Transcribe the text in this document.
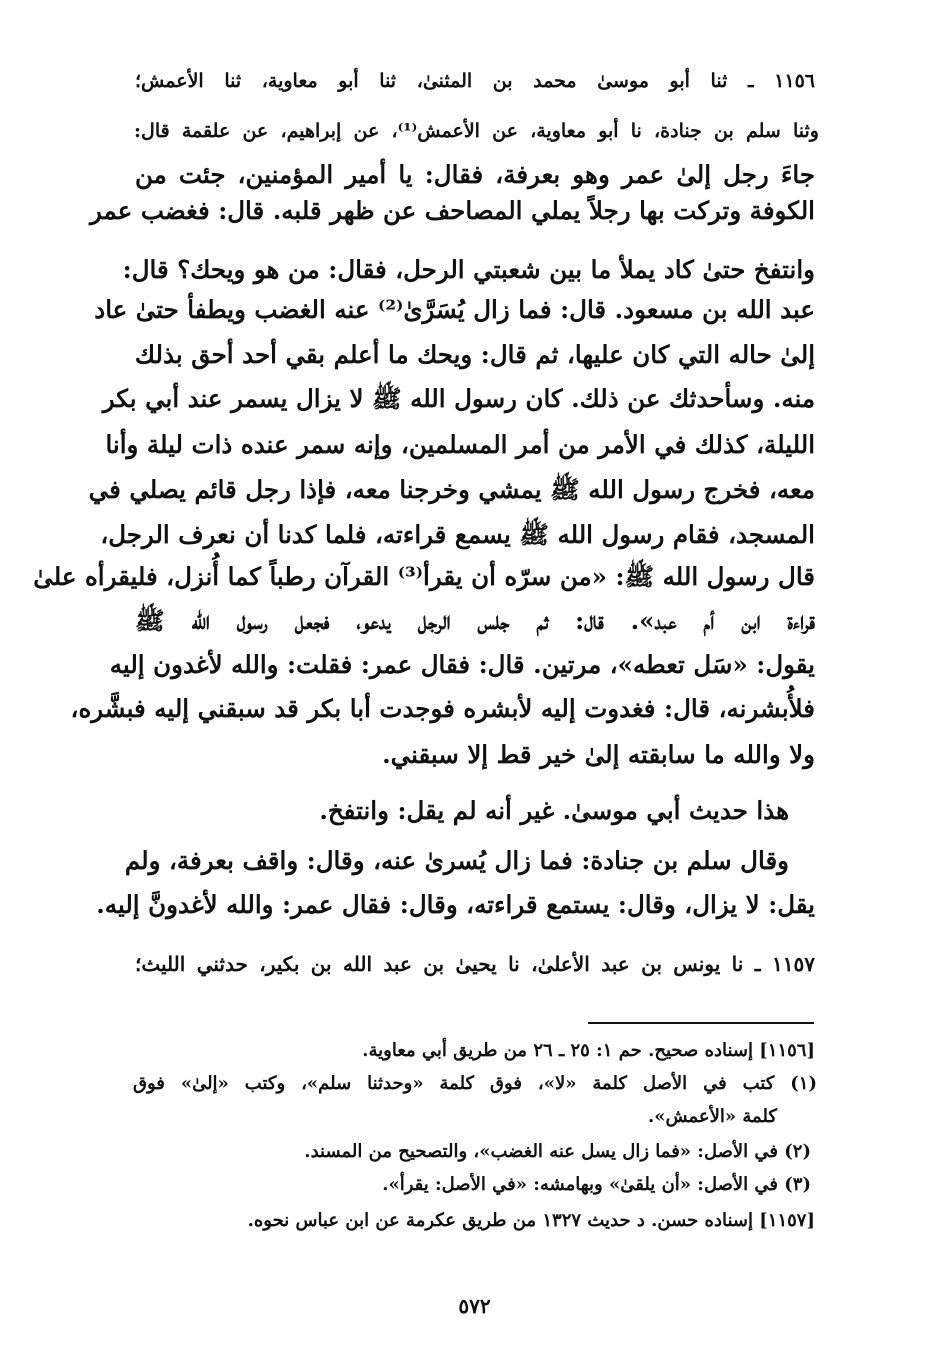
١١٥٦ ـ ثنا أبو موسىٰ محمد بن المثنىٰ، ثنا أبو معاوية، ثنا الأعمش؛
وثنا سلم بن جنادة، نا أبو معاوية، عن الأعمش⁽¹⁾، عن إبراهيم، عن علقمة قال:
جاءَ رجل إلىٰ عمر وهو بعرفة، فقال: يا أمير المؤمنين، جئت من
الكوفة وتركت بها رجلاً يملي المصاحف عن ظهر قلبه. قال: فغضب عمر
وانتفخ حتىٰ كاد يملأ ما بين شعبتي الرحل، فقال: من هو ويحك؟ قال:
عبد الله بن مسعود. قال: فما زال يُسَرَّىٰ⁽²⁾ عنه الغضب ويطفأ حتىٰ عاد
إلىٰ حاله التي كان عليها، ثم قال: ويحك ما أعلم بقي أحد أحق بذلك
منه. وسأحدثك عن ذلك. كان رسول الله ﷺ لا يزال يسمر عند أبي بكر
الليلة، كذلك في الأمر من أمر المسلمين، وإنه سمر عنده ذات ليلة وأنا
معه، فخرج رسول الله ﷺ يمشي وخرجنا معه، فإذا رجل قائم يصلي في
المسجد، فقام رسول الله ﷺ يسمع قراءته، فلما كدنا أن نعرف الرجل،
قال رسول الله ﷺ: «من سرّه أن يقرأ⁽³⁾ القرآن رطباً كما أُنزل، فليقرأه علىٰ
قراءة ابن أم عبد». قال: ثم جلس الرجل يدعو، فجعل رسول الله ﷺ
يقول: «سَل تعطه»، مرتين. قال: فقال عمر: فقلت: والله لأغدون إليه
فلأُبشرنه، قال: فغدوت إليه لأبشره فوجدت أبا بكر قد سبقني إليه فبشَّره،
ولا والله ما سابقته إلىٰ خير قط إلا سبقني.
هذا حديث أبي موسىٰ. غير أنه لم يقل: وانتفخ.
وقال سلم بن جنادة: فما زال يُسرىٰ عنه، وقال: واقف بعرفة، ولم
يقل: لا يزال، وقال: يستمع قراءته، وقال: فقال عمر: والله لأغدونَّ إليه.
١١٥٧ ـ نا يونس بن عبد الأعلىٰ، نا يحيىٰ بن عبد الله بن بكير، حدثني الليث؛
[١١٥٦] إسناده صحيح. حم ١: ٢٥ ـ ٢٦ من طريق أبي معاوية.
(١) كتب في الأصل كلمة «لا»، فوق كلمة «وحدثنا سلم»، وكتب «إلىٰ» فوق
كلمة «الأعمش».
(٢) في الأصل: «فما زال يسل عنه الغضب»، والتصحيح من المسند.
(٣) في الأصل: «أن يلقىٰ» وبهامشه: «في الأصل: يقرأ».
[١١٥٧] إسناده حسن. د حديث ١٣٢٧ من طريق عكرمة عن ابن عباس نحوه.
٥٧٢
